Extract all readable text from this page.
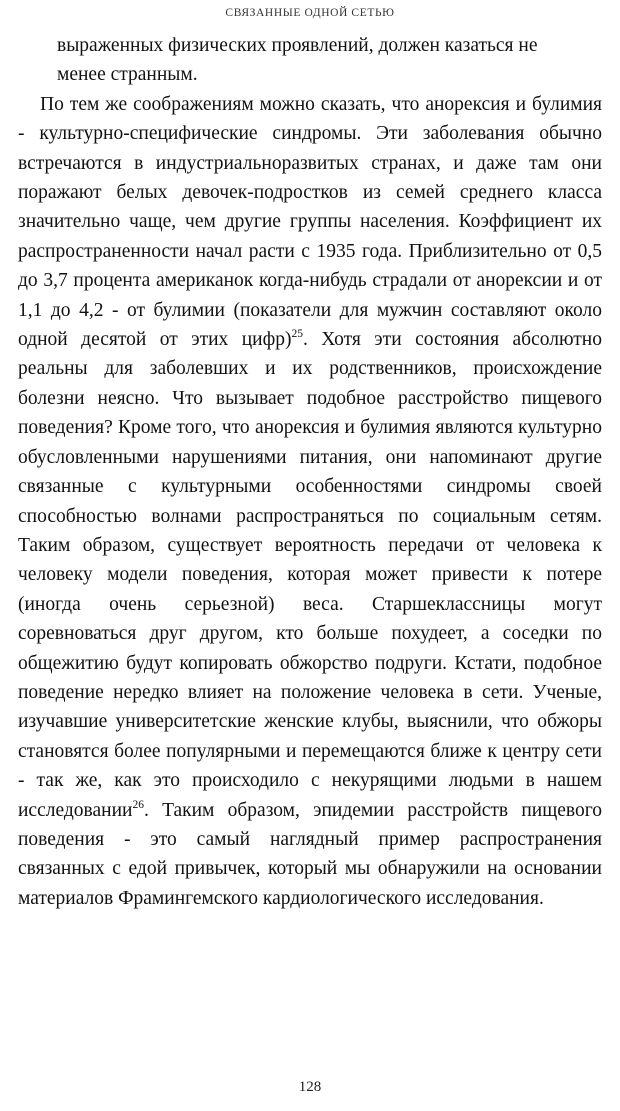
СВЯЗАННЫЕ ОДНОЙ СЕТЬЮ
выраженных физических проявлений, должен казаться не
менее странным.

По тем же соображениям можно сказать, что анорексия и булимия - культурно-специфические синдромы. Эти заболевания обычно встречаются в индустриальноразвитых странах, и даже там они поражают белых девочек-подростков из семей среднего класса значительно чаще, чем другие группы населения. Коэффициент их распространенности начал расти с 1935 года. Приблизительно от 0,5 до 3,7 процента американок когда-нибудь страдали от анорексии и от 1,1 до 4,2 - от булимии (показатели для мужчин составляют около одной десятой от этих цифр)$^{25}$. Хотя эти состояния абсолютно реальны для заболевших и их родственников, происхождение болезни неясно. Что вызывает подобное расстройство пищевого поведения? Кроме того, что анорексия и булимия являются культурно обусловленными нарушениями питания, они напоминают другие связанные с культурными особенностями синдромы своей способностью волнами распространяться по социальным сетям. Таким образом, существует вероятность передачи от человека к человеку модели поведения, которая может привести к потере (иногда очень серьезной) веса. Старшеклассницы могут соревноваться друг другом, кто больше похудеет, а соседки по общежитию будут копировать обжорство подруги. Кстати, подобное поведение нередко влияет на положение человека в сети. Ученые, изучавшие университетские женские клубы, выяснили, что обжоры становятся более популярными и перемещаются ближе к центру сети - так же, как это происходило с некурящими людьми в нашем исследовании$^{26}$. Таким образом, эпидемии расстройств пищевого поведения - это самый наглядный пример распространения связанных с едой привычек, который мы обнаружили на основании материалов Фрамингемского кардиологического исследования.

128
